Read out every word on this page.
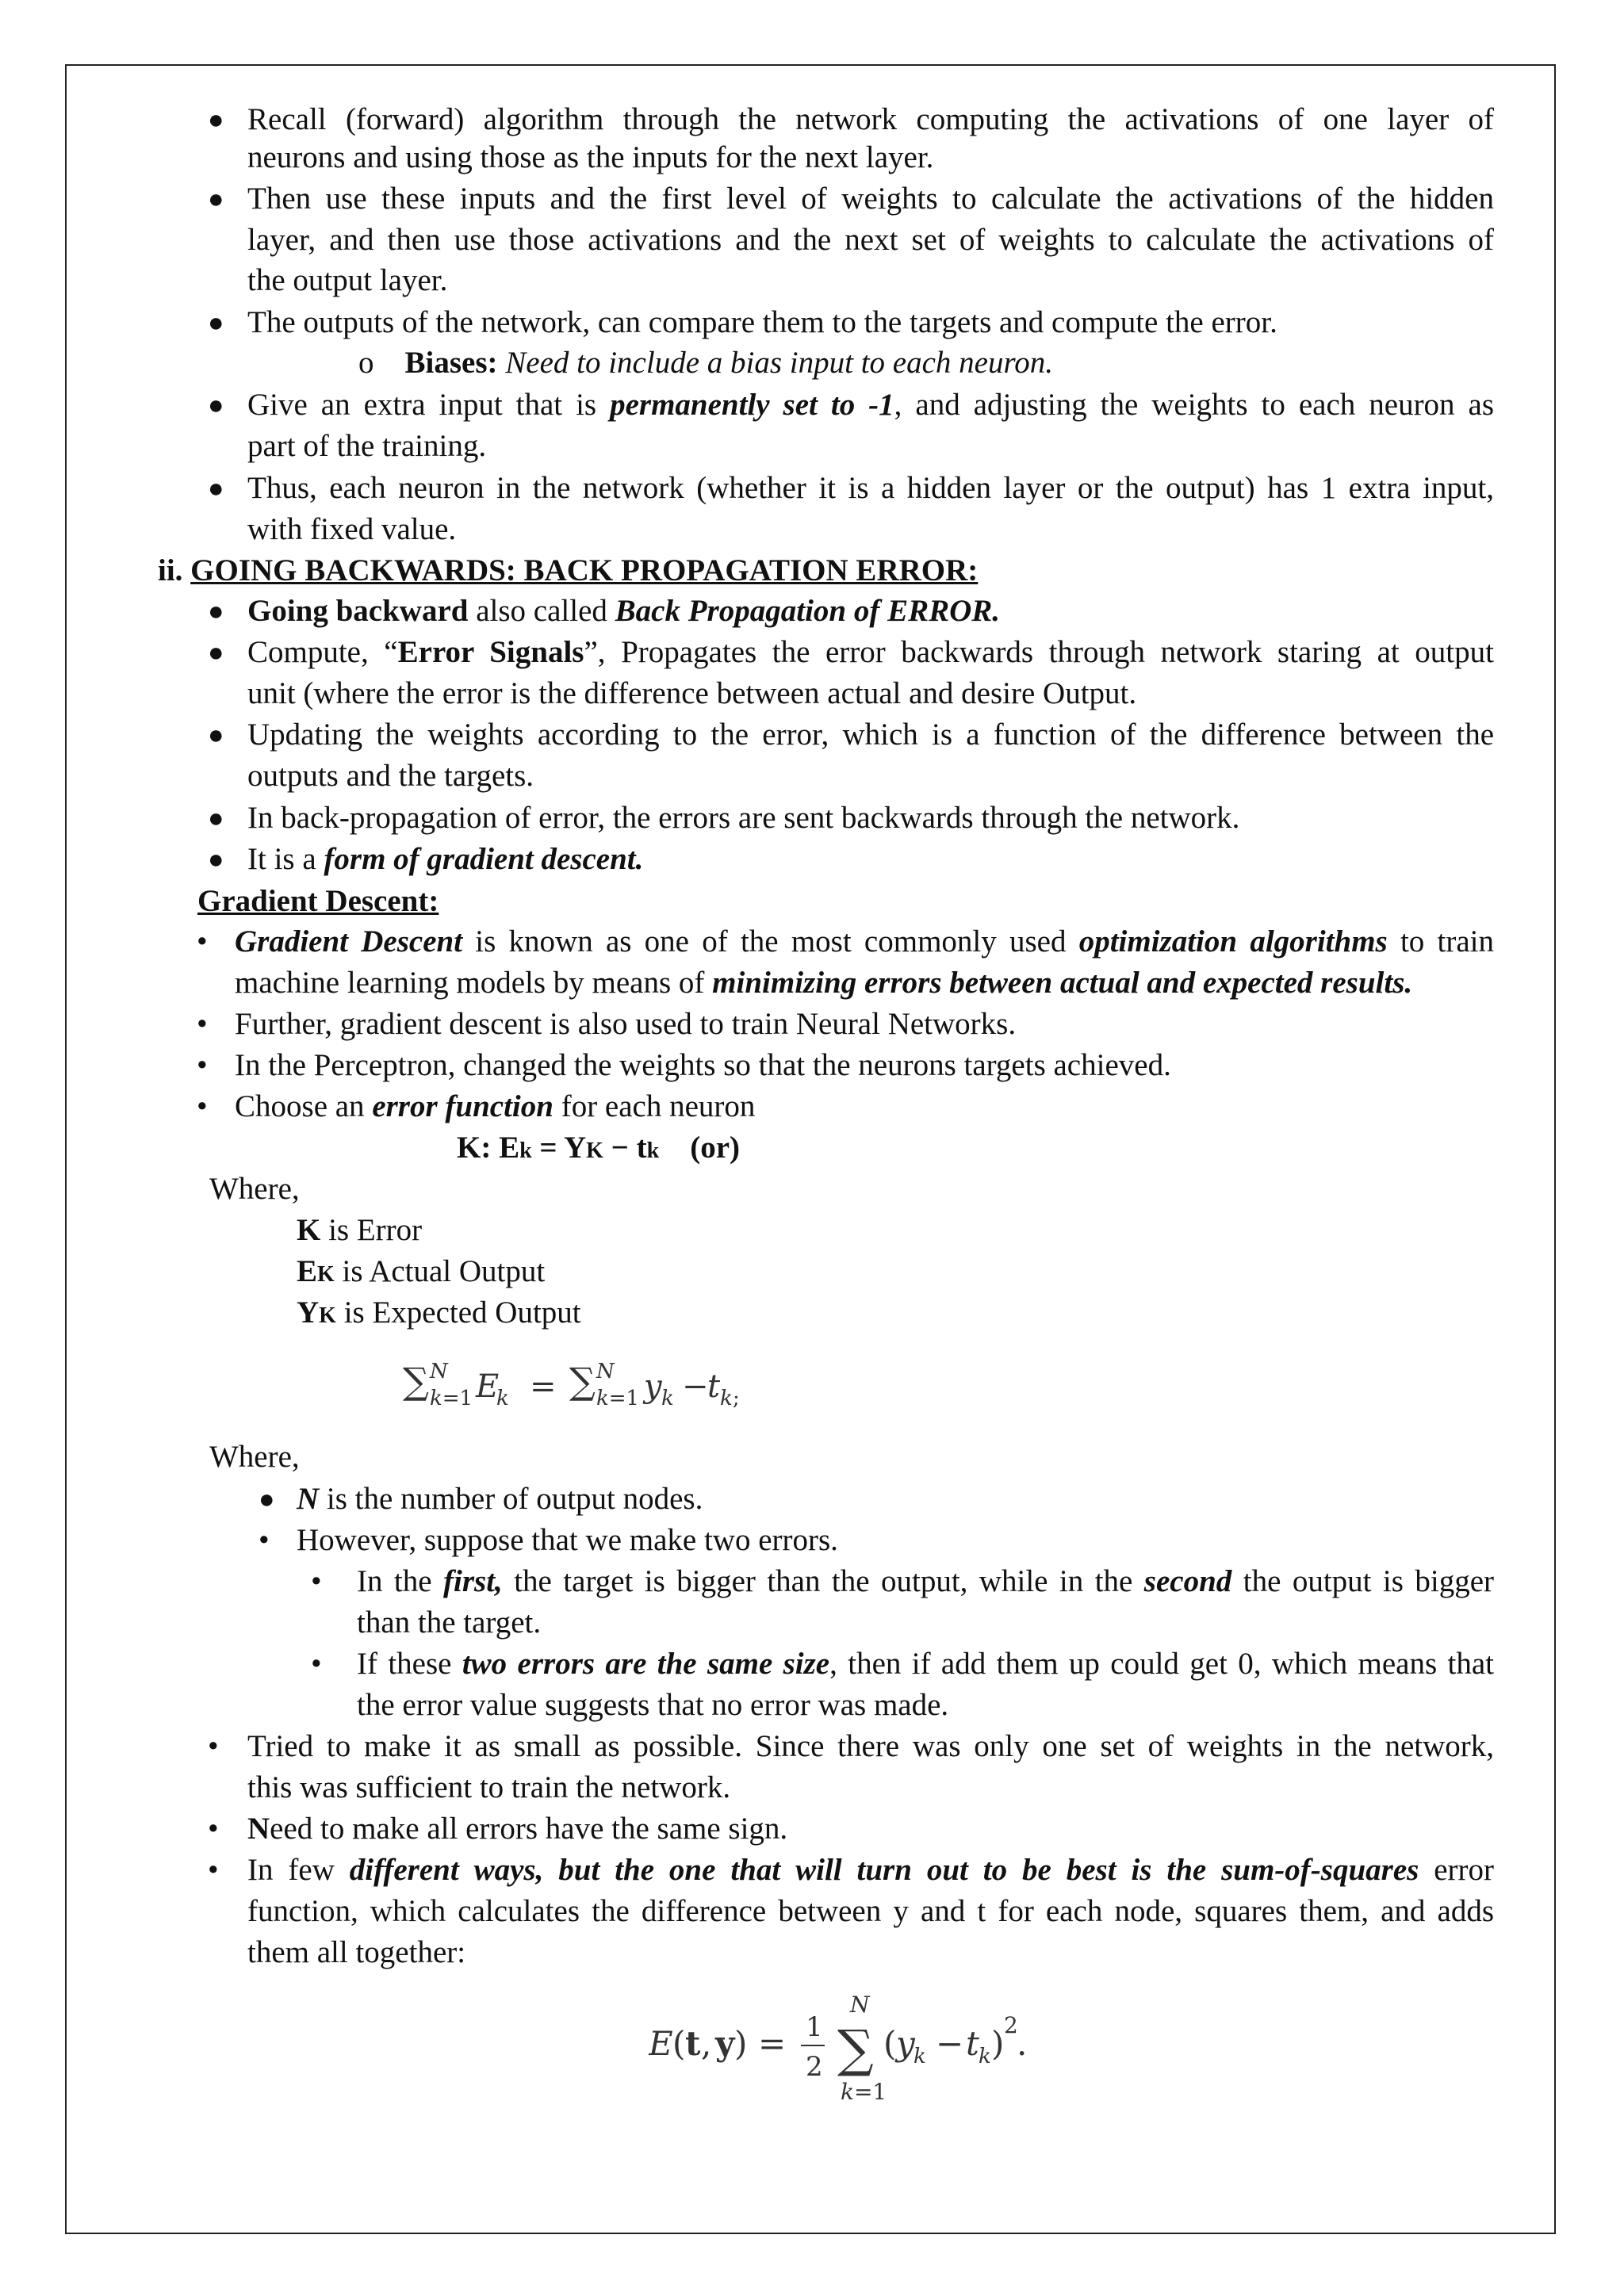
● Recall (forward) algorithm through the network computing the activations of one layer of
neurons and using those as the inputs for the next layer.
● Then use these inputs and the first level of weights to calculate the activations of the hidden
layer, and then use those activations and the next set of weights to calculate the activations of
the output layer.
● The outputs of the network, can compare them to the targets and compute the error.
o Biases: Need to include a bias input to each neuron.
● Give an extra input that is permanently set to -1, and adjusting the weights to each neuron as
part of the training.
● Thus, each neuron in the network (whether it is a hidden layer or the output) has 1 extra input,
with fixed value.
ii. GOING BACKWARDS: BACK PROPAGATION ERROR:
● Going backward also called Back Propagation of ERROR.
● Compute, “Error Signals”, Propagates the error backwards through network staring at output
unit (where the error is the difference between actual and desire Output.
● Updating the weights according to the error, which is a function of the difference between the
outputs and the targets.
● In back-propagation of error, the errors are sent backwards through the network.
● It is a form of gradient descent.
Gradient Descent:
• Gradient Descent is known as one of the most commonly used optimization algorithms to train
machine learning models by means of minimizing errors between actual and expected results.
• Further, gradient descent is also used to train Neural Networks.
• In the Perceptron, changed the weights so that the neurons targets achieved.
• Choose an error function for each neuron
K: Ek = YK − tk (or)
Where,
K is Error
EK is Actual Output
YK is Expected Output
∑ N
k=1 E
k = ∑ N
k=1 y k −
t k ;
Where,
● N is the number of output nodes.
• However, suppose that we make two errors.
• In the first, the target is bigger than the output, while in the second the output is bigger
than the target.
• If these two errors are the same size, then if add them up could get 0, which means that
the error value suggests that no error was made.
• Tried to make it as small as possible. Since there was only one set of weights in the network,
this was sufficient to train the network.
• Need to make all errors have the same sign.
• In few different ways, but the one that will turn out to be best is the sum-of-squares error
function, which calculates the difference between y and t for each node, squares them, and adds
them all together:
E ( t , y ) = 1
2 ∑
N
k=1
( y
k − t k ) 2
.
